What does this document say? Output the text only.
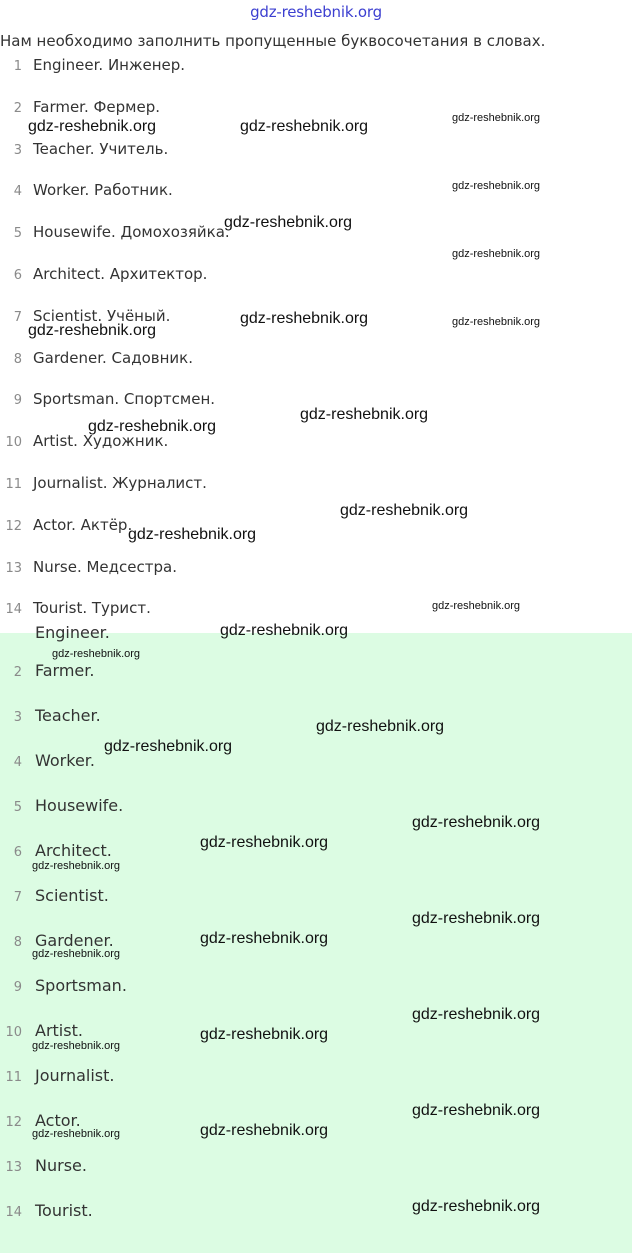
gdz-reshebnik.org
Нам необходимо заполнить пропущенные буквосочетания в словах.
1 Engineer. Инженер.
2 Farmer. Фермер.
3 Teacher. Учитель.
4 Worker. Работник.
5 Housewife. Домохозяйка.
6 Architect. Архитектор.
7 Scientist. Учёный.
8 Gardener. Садовник.
9 Sportsman. Спортсмен.
10 Artist. Художник.
11 Journalist. Журналист.
12 Actor. Актёр.
13 Nurse. Медсестра.
14 Tourist. Турист.
Engineer.
2 Farmer.
3 Teacher.
4 Worker.
5 Housewife.
6 Architect.
7 Scientist.
8 Gardener.
9 Sportsman.
10 Artist.
11 Journalist.
12 Actor.
13 Nurse.
14 Tourist.
gdz-reshebnik.org	gdz-reshebnik.org	gdz-reshebnik.org
gdz-reshebnik.org
gdz-reshebnik.org
gdz-reshebnik.org
gdz-reshebnik.org
gdz-reshebnik.org	gdz-reshebnik.org
gdz-reshebnik.org
gdz-reshebnik.org
gdz-reshebnik.org
gdz-reshebnik.org
gdz-reshebnik.org
gdz-reshebnik.org
gdz-reshebnik.org
gdz-reshebnik.org
gdz-reshebnik.org
gdz-reshebnik.org
gdz-reshebnik.org
gdz-reshebnik.org
gdz-reshebnik.org
gdz-reshebnik.org
gdz-reshebnik.org
gdz-reshebnik.org
gdz-reshebnik.org
gdz-reshebnik.org
gdz-reshebnik.org
gdz-reshebnik.org
gdz-reshebnik.org
gdz-reshebnik.org
